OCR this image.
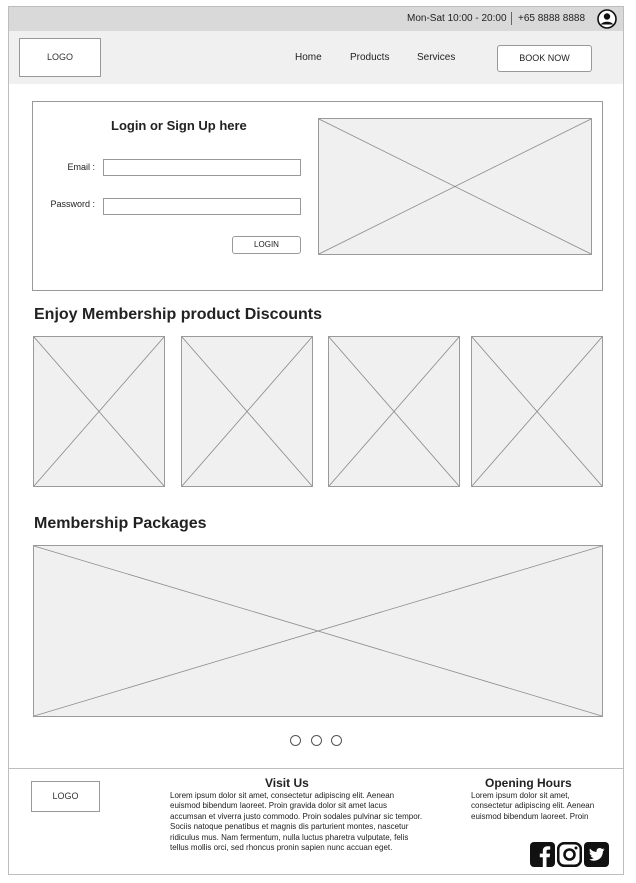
Mon-Sat 10:00 - 20:00 +65 8888 8888
LOGO	Home	Products	Services	BOOK NOW
Login or Sign Up here
Email :
Password :
LOGIN
Enjoy Membership product Discounts
Membership Packages
LOGO
Visit Us
Lorem ipsum dolor sit amet, consectetur adipiscing elit. Aenean euismod bibendum laoreet. Proin gravida dolor sit amet lacus accumsan et viverra justo commodo. Proin sodales pulvinar sic tempor. Sociis natoque penatibus et magnis dis parturient montes, nascetur ridiculus mus. Nam fermentum, nulla luctus pharetra vulputate, felis tellus mollis orci, sed rhoncus pronin sapien nunc accuan eget.
Opening Hours
Lorem ipsum dolor sit amet, consectetur adipiscing elit. Aenean euismod bibendum laoreet. Proin
